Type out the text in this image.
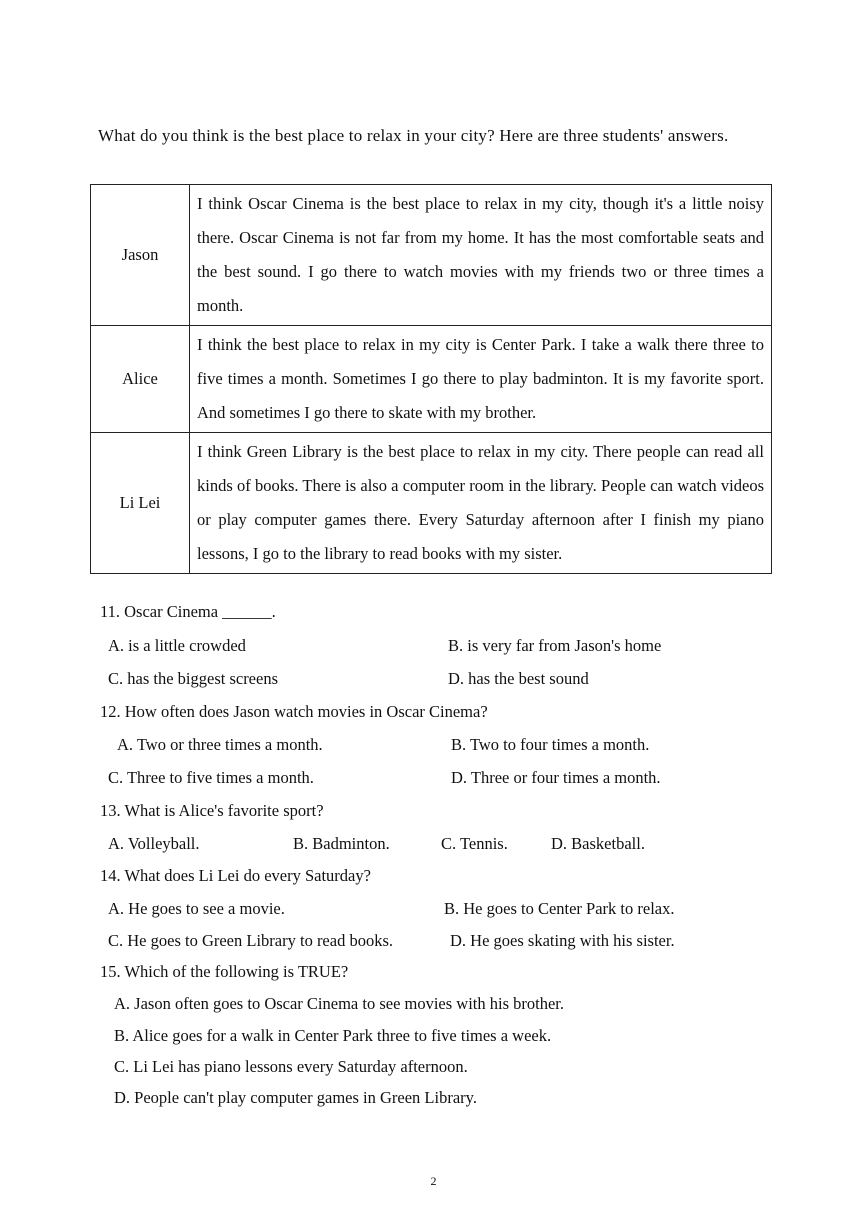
What do you think is the best place to relax in your city? Here are three students' answers.
Jason	I think Oscar Cinema is the best place to relax in my city, though it's a little noisy there. Oscar Cinema is not far from my home. It has the most comfortable seats and the best sound. I go there to watch movies with my friends two or three times a month.
Alice	I think the best place to relax in my city is Center Park. I take a walk there three to five times a month. Sometimes I go there to play badminton. It is my favorite sport. And sometimes I go there to skate with my brother.
Li Lei	I think Green Library is the best place to relax in my city. There people can read all kinds of books. There is also a computer room in the library. People can watch videos or play computer games there. Every Saturday afternoon after I finish my piano lessons, I go to the library to read books with my sister.
11. Oscar Cinema ______.
A. is a little crowded	B. is very far from Jason's home
C. has the biggest screens	D. has the best sound
12. How often does Jason watch movies in Oscar Cinema?
A. Two or three times a month.	B. Two to four times a month.
C. Three to five times a month.	D. Three or four times a month.
13. What is Alice's favorite sport?
A. Volleyball.	B. Badminton.	C. Tennis.	D. Basketball.
14. What does Li Lei do every Saturday?
A. He goes to see a movie.	B. He goes to Center Park to relax.
C. He goes to Green Library to read books.	D. He goes skating with his sister.
15. Which of the following is TRUE?
A. Jason often goes to Oscar Cinema to see movies with his brother.
B. Alice goes for a walk in Center Park three to five times a week.
C. Li Lei has piano lessons every Saturday afternoon.
D. People can't play computer games in Green Library.
2
